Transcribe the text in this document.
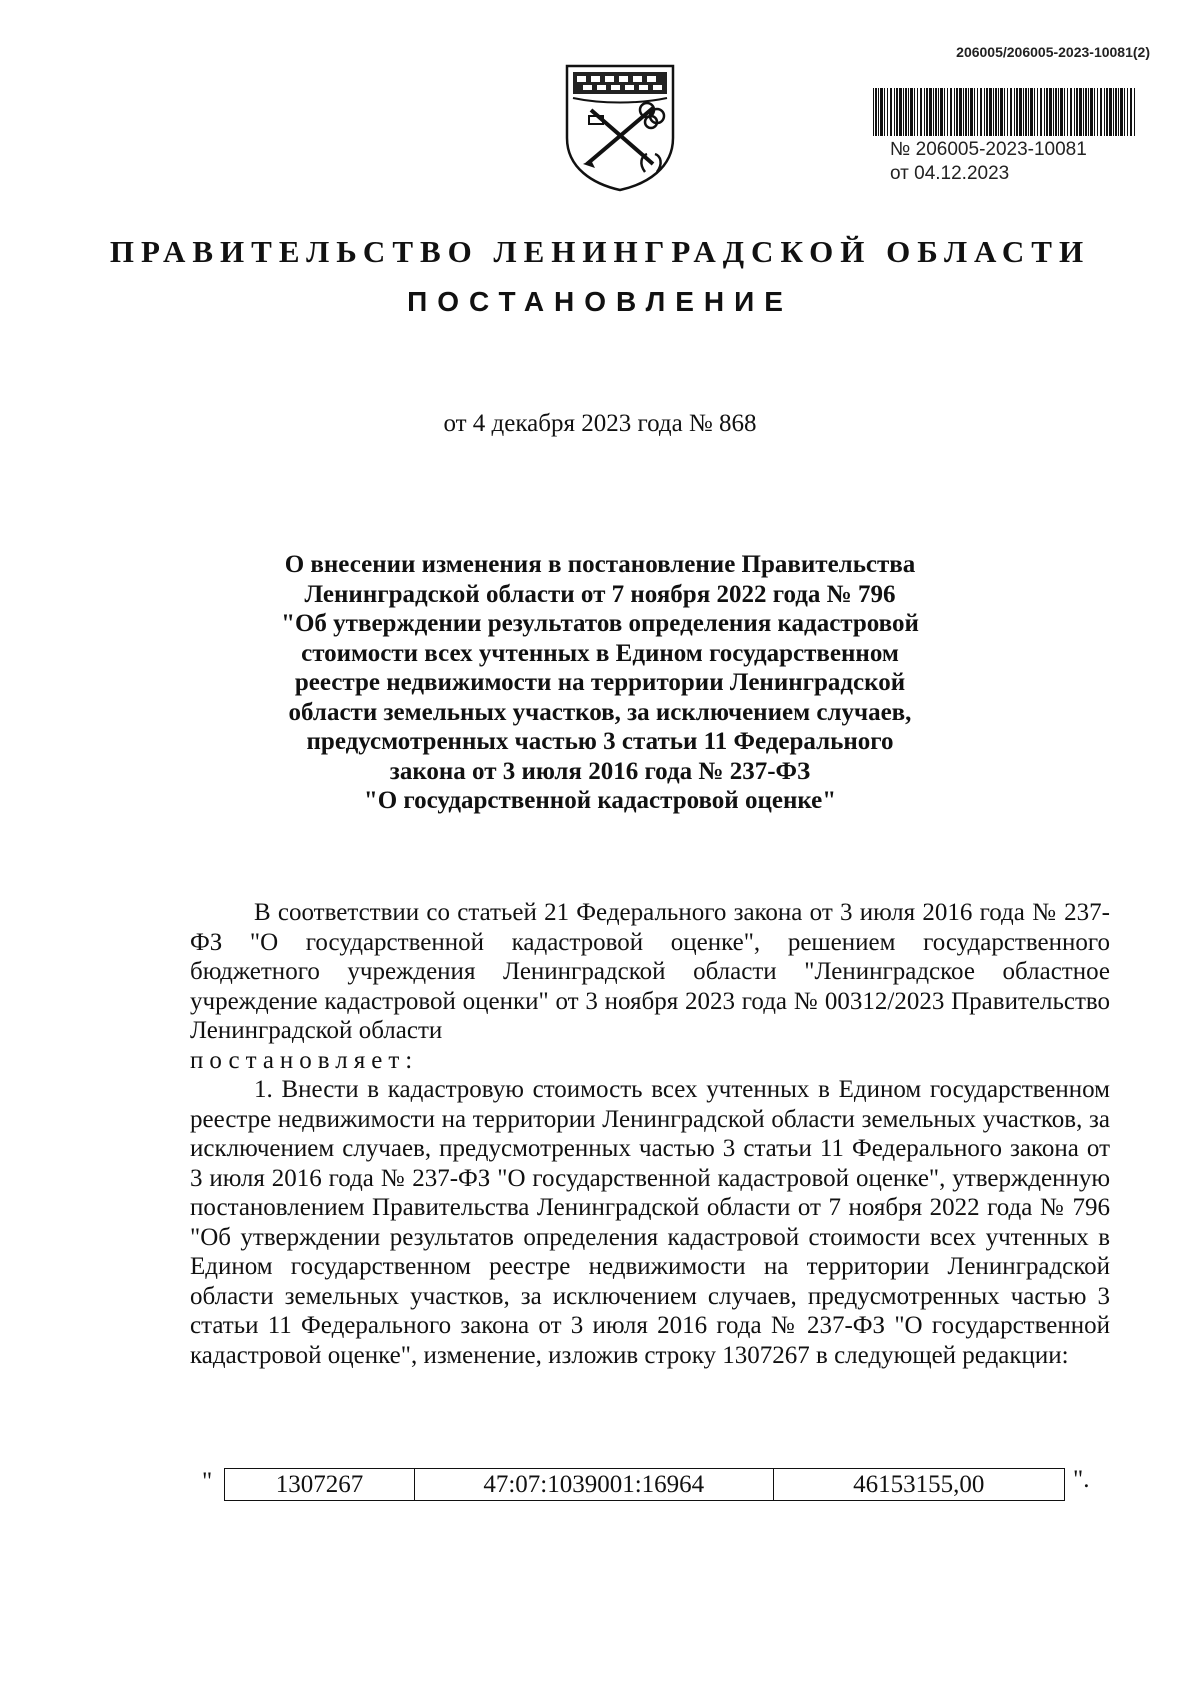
206005/206005-2023-10081(2)
№ 206005-2023-10081
от 04.12.2023
ПРАВИТЕЛЬСТВО ЛЕНИНГРАДСКОЙ ОБЛАСТИ
ПОСТАНОВЛЕНИЕ
от 4 декабря 2023 года № 868
О внесении изменения в постановление Правительства
Ленинградской области от 7 ноября 2022 года № 796
"Об утверждении результатов определения кадастровой
стоимости всех учтенных в Едином государственном
реестре недвижимости на территории Ленинградской
области земельных участков, за исключением случаев,
предусмотренных частью 3 статьи 11 Федерального
закона от 3 июля 2016 года № 237-ФЗ
"О государственной кадастровой оценке"
В соответствии со статьей 21 Федерального закона от 3 июля 2016 года № 237-ФЗ "О государственной кадастровой оценке", решением государственного бюджетного учреждения Ленинградской области "Ленинградское областное учреждение кадастровой оценки" от 3 ноября 2023 года № 00312/2023 Правительство Ленинградской области
постановляет:
1. Внести в кадастровую стоимость всех учтенных в Едином государственном реестре недвижимости на территории Ленинградской области земельных участков, за исключением случаев, предусмотренных частью 3 статьи 11 Федерального закона от 3 июля 2016 года № 237-ФЗ "О государственной кадастровой оценке", утвержденную постановлением Правительства Ленинградской области от 7 ноября 2022 года № 796 "Об утверждении результатов определения кадастровой стоимости всех учтенных в Едином государственном реестре недвижимости на территории Ленинградской области земельных участков, за исключением случаев, предусмотренных частью 3 статьи 11 Федерального закона от 3 июля 2016 года № 237-ФЗ "О государственной кадастровой оценке", изменение, изложив строку 1307267 в следующей редакции:
"	1307267	47:07:1039001:16964	46153155,00	".
